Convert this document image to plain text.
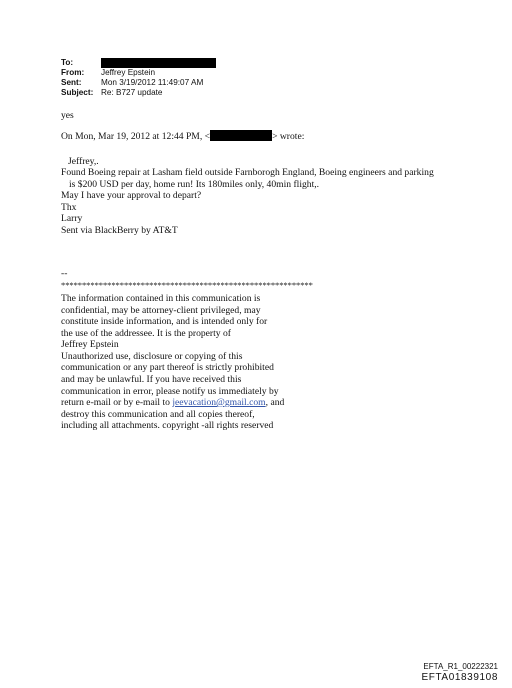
To:
From:	Jeffrey Epstein
Sent:	Mon 3/19/2012 11:49:07 AM
Subject: Re: B727 update
yes
On Mon, Mar 19, 2012 at 12:44 PM, <	> wrote:
Jeffrey,.
Found Boeing repair at Lasham field outside Farnborogh England, Boeing engineers and parking
is $200 USD per day, home run! Its 180miles only, 40min flight,.
May I have your approval to depart?
Thx
Larry
Sent via BlackBerry by AT&T
--
************************************************************
The information contained in this communication is
confidential, may be attorney-client privileged, may
constitute inside information, and is intended only for
the use of the addressee. It is the property of
Jeffrey Epstein
Unauthorized use, disclosure or copying of this
communication or any part thereof is strictly prohibited
and may be unlawful. If you have received this
communication in error, please notify us immediately by
return e-mail or by e-mail to jeevacation@gmail.com, and
destroy this communication and all copies thereof,
including all attachments. copyright -all rights reserved
EFTA_R1_00222321
EFTA01839108
